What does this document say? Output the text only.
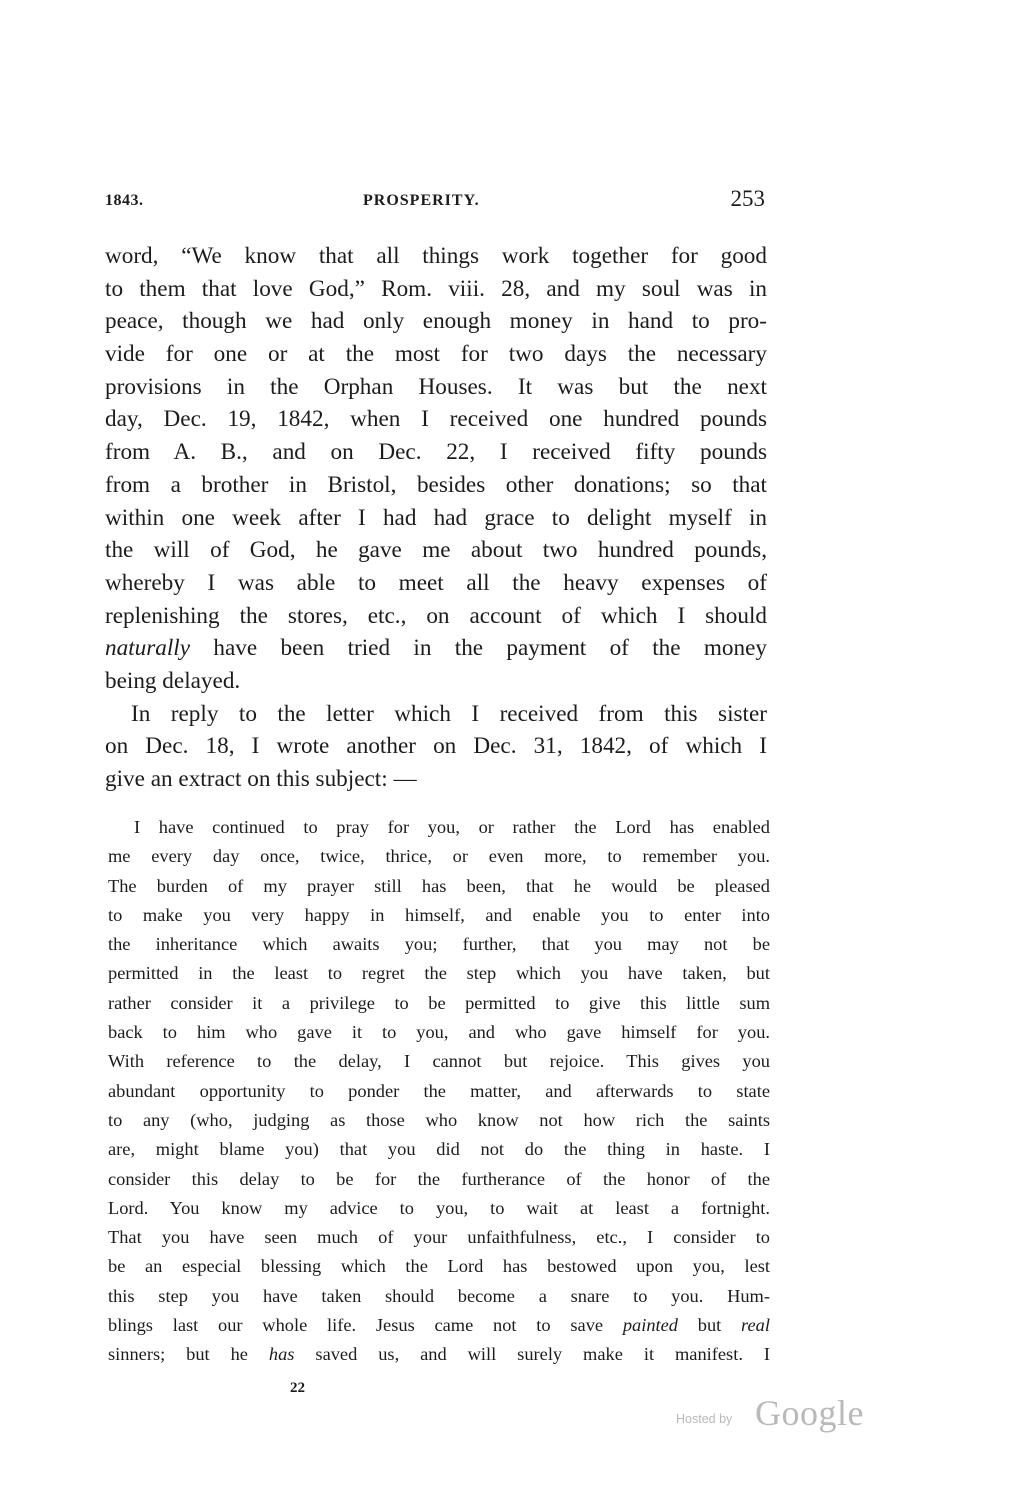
1843.	PROSPERITY.	253
word, “We know that all things work together for good
to them that love God,” Rom. viii. 28, and my soul was in
peace, though we had only enough money in hand to pro-
vide for one or at the most for two days the necessary
provisions in the Orphan Houses. It was but the next
day, Dec. 19, 1842, when I received one hundred pounds
from A. B., and on Dec. 22, I received fifty pounds
from a brother in Bristol, besides other donations; so that
within one week after I had had grace to delight myself in
the will of God, he gave me about two hundred pounds,
whereby I was able to meet all the heavy expenses of
replenishing the stores, etc., on account of which I should
naturally have been tried in the payment of the money
being delayed.
In reply to the letter which I received from this sister
on Dec. 18, I wrote another on Dec. 31, 1842, of which I
give an extract on this subject: —
I have continued to pray for you, or rather the Lord has enabled
me every day once, twice, thrice, or even more, to remember you.
The burden of my prayer still has been, that he would be pleased
to make you very happy in himself, and enable you to enter into
the inheritance which awaits you; further, that you may not be
permitted in the least to regret the step which you have taken, but
rather consider it a privilege to be permitted to give this little sum
back to him who gave it to you, and who gave himself for you.
With reference to the delay, I cannot but rejoice. This gives you
abundant opportunity to ponder the matter, and afterwards to state
to any (who, judging as those who know not how rich the saints
are, might blame you) that you did not do the thing in haste. I
consider this delay to be for the furtherance of the honor of the
Lord. You know my advice to you, to wait at least a fortnight.
That you have seen much of your unfaithfulness, etc., I consider to
be an especial blessing which the Lord has bestowed upon you, lest
this step you have taken should become a snare to you. Hum-
blings last our whole life. Jesus came not to save painted but real
sinners; but he has saved us, and will surely make it manifest. I
22
Hosted by Google
